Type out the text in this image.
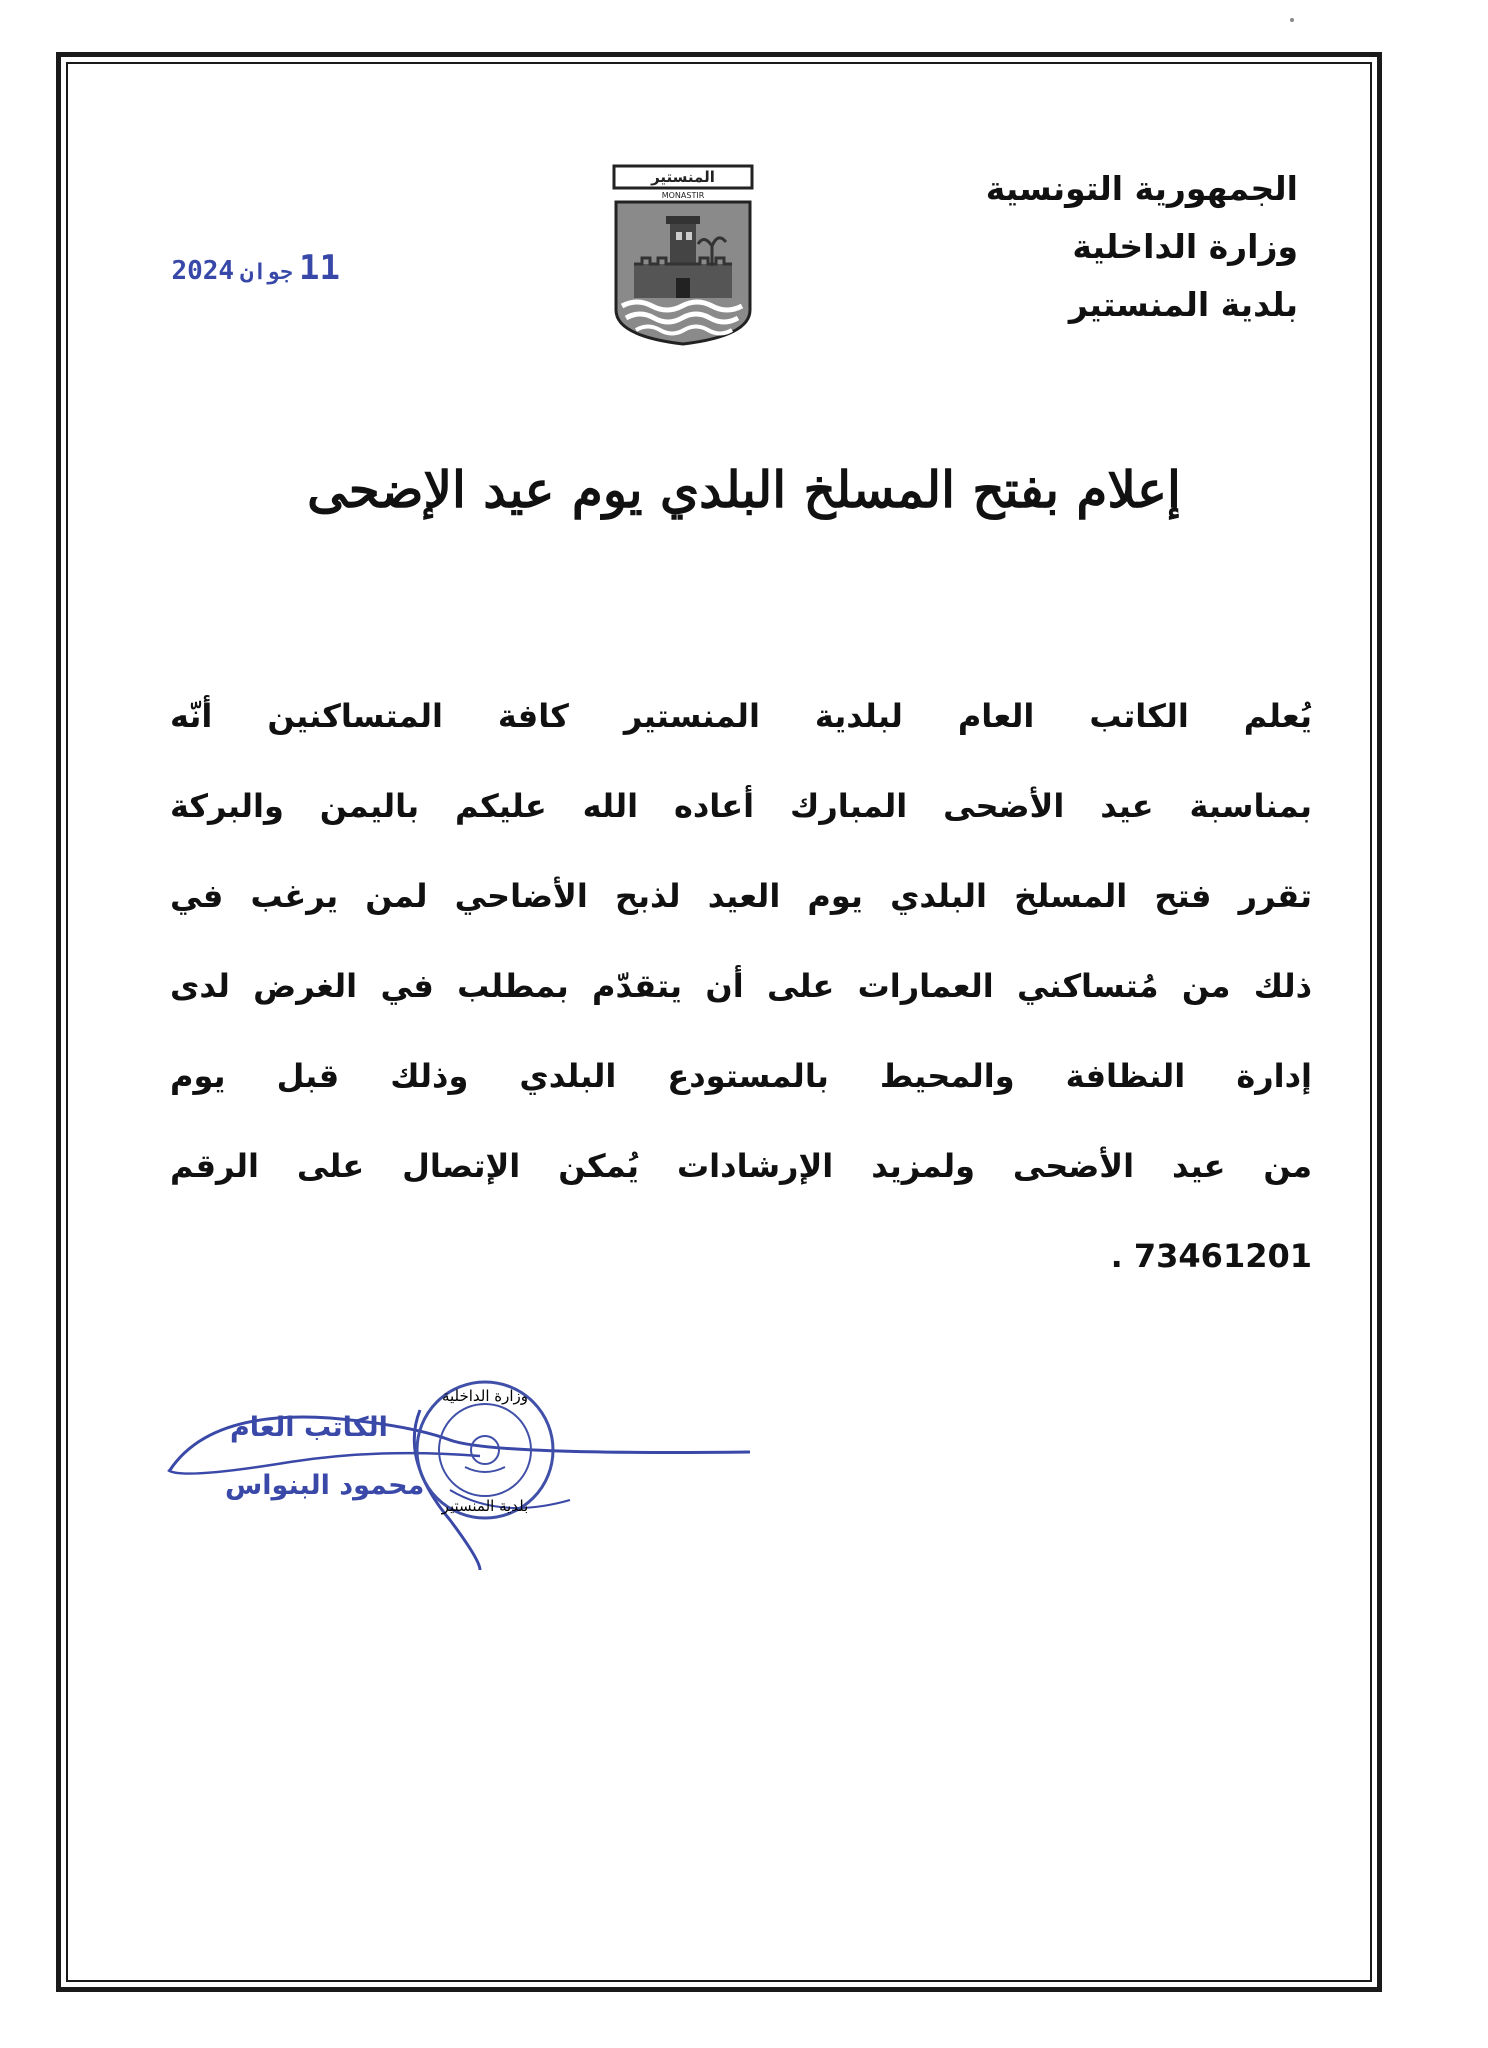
الجمهورية التونسية
وزارة الداخلية
بلدية المنستير
المنستير
MONASTIR
11جوان2024
إعلام بفتح المسلخ البلدي يوم عيد الإضحى
يُعلم الكاتب العام لبلدية المنستير كافة المتساكنين أنّه
بمناسبة عيد الأضحى المبارك أعاده الله عليكم باليمن والبركة
تقرر فتح المسلخ البلدي يوم العيد لذبح الأضاحي لمن يرغب في
ذلك من مُتساكني العمارات على أن يتقدّم بمطلب في الغرض لدى
إدارة النظافة والمحيط بالمستودع البلدي وذلك قبل يوم
من عيد الأضحى ولمزيد الإرشادات يُمكن الإتصال على الرقم
73461201 .
الكاتب العام
محمود البنواس
وزارة الداخلية
بلدية المنستير
